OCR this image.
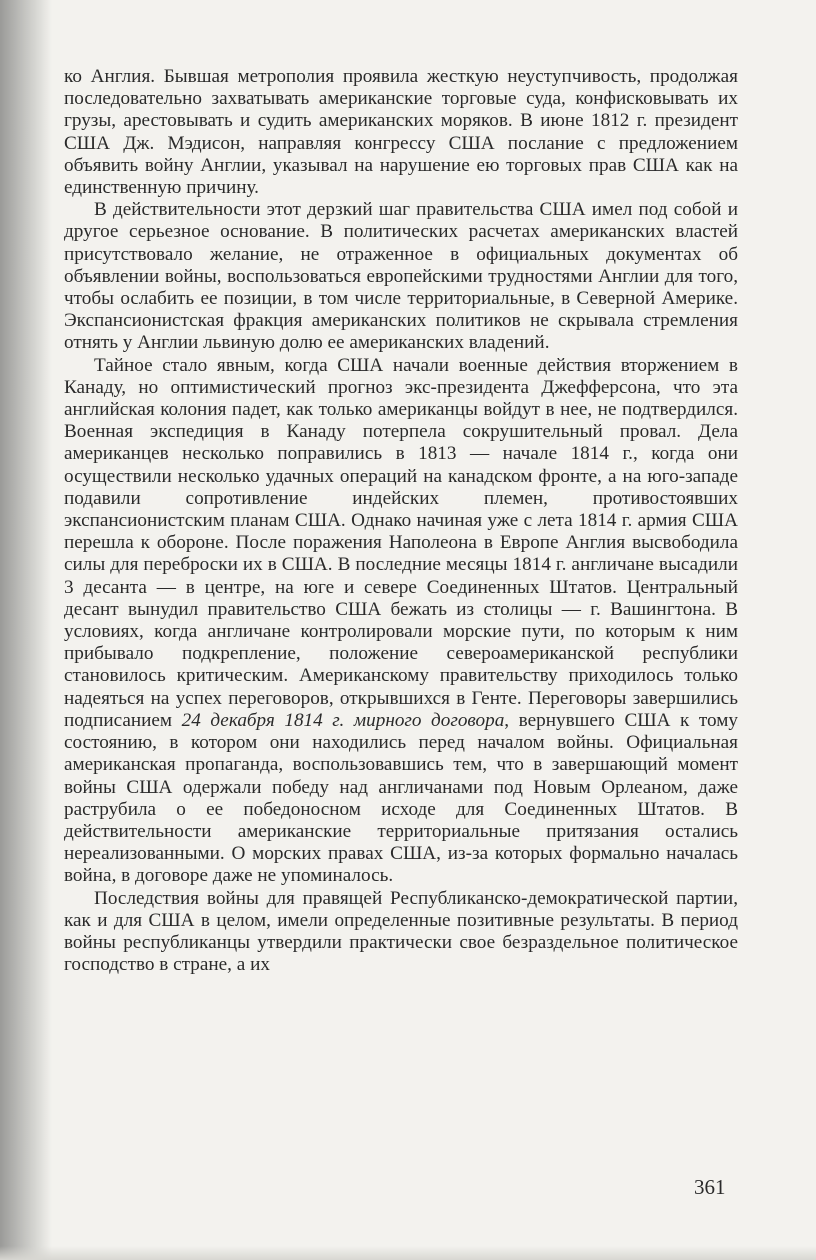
ко Англия. Бывшая метрополия проявила жесткую неуступчивость, продолжая последовательно захватывать американские торговые суда, конфисковывать их грузы, арестовывать и судить американских моряков. В июне 1812 г. президент США Дж. Мэдисон, направляя конгрессу США послание с предложением объявить войну Англии, указывал на нарушение ею торговых прав США как на единственную причину.

В действительности этот дерзкий шаг правительства США имел под собой и другое серьезное основание. В политических расчетах американских властей присутствовало желание, не отраженное в официальных документах об объявлении войны, воспользоваться европейскими трудностями Англии для того, чтобы ослабить ее позиции, в том числе территориальные, в Северной Америке. Экспансионистская фракция американских политиков не скрывала стремления отнять у Англии львиную долю ее американских владений.

Тайное стало явным, когда США начали военные действия вторжением в Канаду, но оптимистический прогноз экс-президента Джефферсона, что эта английская колония падет, как только американцы войдут в нее, не подтвердился. Военная экспедиция в Канаду потерпела сокрушительный провал. Дела американцев несколько поправились в 1813 — начале 1814 г., когда они осуществили несколько удачных операций на канадском фронте, а на юго-западе подавили сопротивление индейских племен, противостоявших экспансионистским планам США. Однако начиная уже с лета 1814 г. армия США перешла к обороне. После поражения Наполеона в Европе Англия высвободила силы для переброски их в США. В последние месяцы 1814 г. англичане высадили 3 десанта — в центре, на юге и севере Соединенных Штатов. Центральный десант вынудил правительство США бежать из столицы — г. Вашингтона. В условиях, когда англичане контролировали морские пути, по которым к ним прибывало подкрепление, положение североамериканской республики становилось критическим. Американскому правительству приходилось только надеяться на успех переговоров, открывшихся в Генте. Переговоры завершились подписанием 24 декабря 1814 г. мирного договора, вернувшего США к тому состоянию, в котором они находились перед началом войны. Официальная американская пропаганда, воспользовавшись тем, что в завершающий момент войны США одержали победу над англичанами под Новым Орлеаном, даже раструбила о ее победоносном исходе для Соединенных Штатов. В действительности американские территориальные притязания остались нереализованными. О морских правах США, из-за которых формально началась война, в договоре даже не упоминалось.

Последствия войны для правящей Республиканско-демократической партии, как и для США в целом, имели определенные позитивные результаты. В период войны республиканцы утвердили практически свое безраздельное политическое господство в стране, а их

361
